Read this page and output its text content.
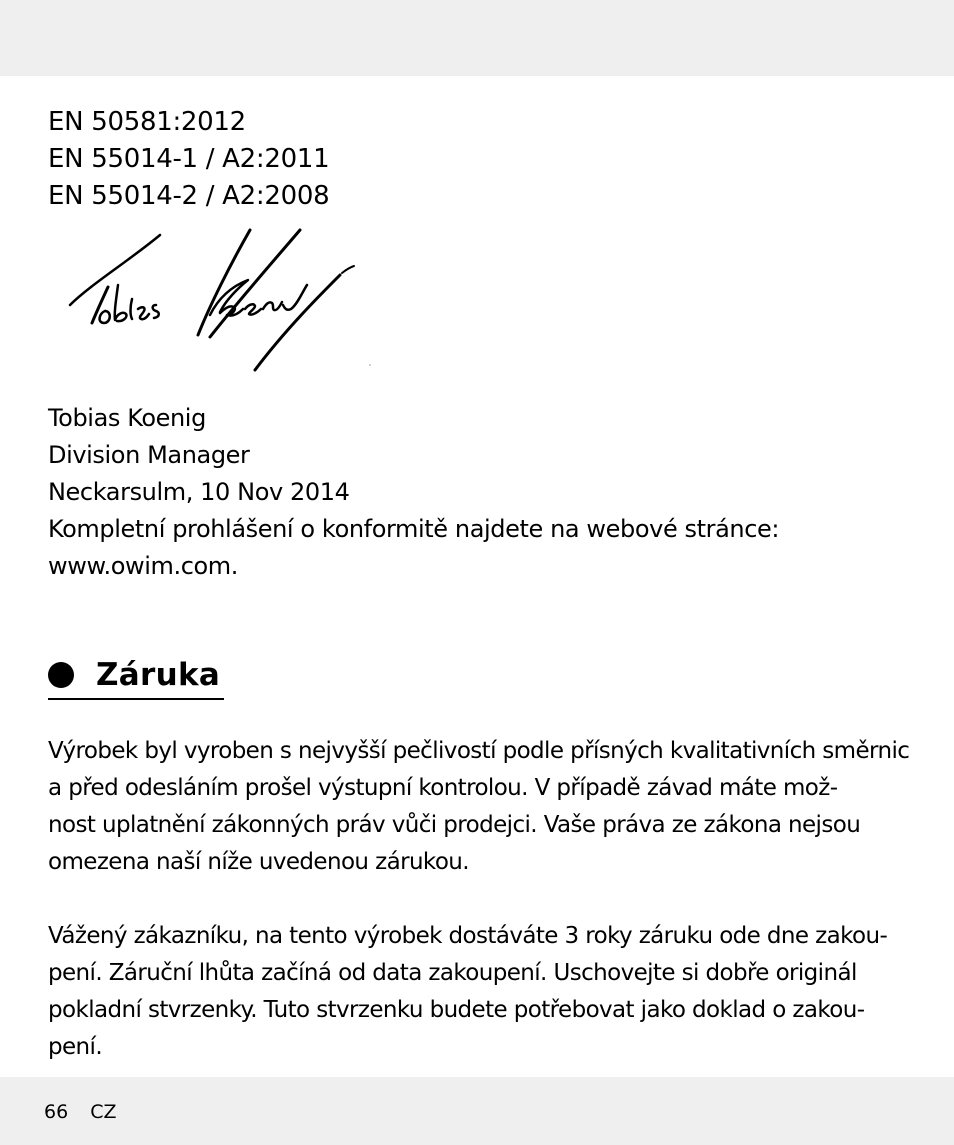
EN 50581:2012
EN 55014-1 / A2:2011
EN 55014-2 / A2:2008
Tobias Koenig
Division Manager
Neckarsulm, 10 Nov 2014
Kompletní prohlášení o konformitě najdete na webové stránce:
www.owim.com.
Záruka
Výrobek byl vyroben s nejvyšší pečlivostí podle přísných kvalitativních směrnic
a před odesláním prošel výstupní kontrolou. V případě závad máte mož-
nost uplatnění zákonných práv vůči prodejci. Vaše práva ze zákona nejsou
omezena naší níže uvedenou zárukou.
Vážený zákazníku, na tento výrobek dostáváte 3 roky záruku ode dne zakou-
pení. Záruční lhůta začíná od data zakoupení. Uschovejte si dobře originál
pokladní stvrzenky. Tuto stvrzenku budete potřebovat jako doklad o zakou-
pení.
66 CZ
